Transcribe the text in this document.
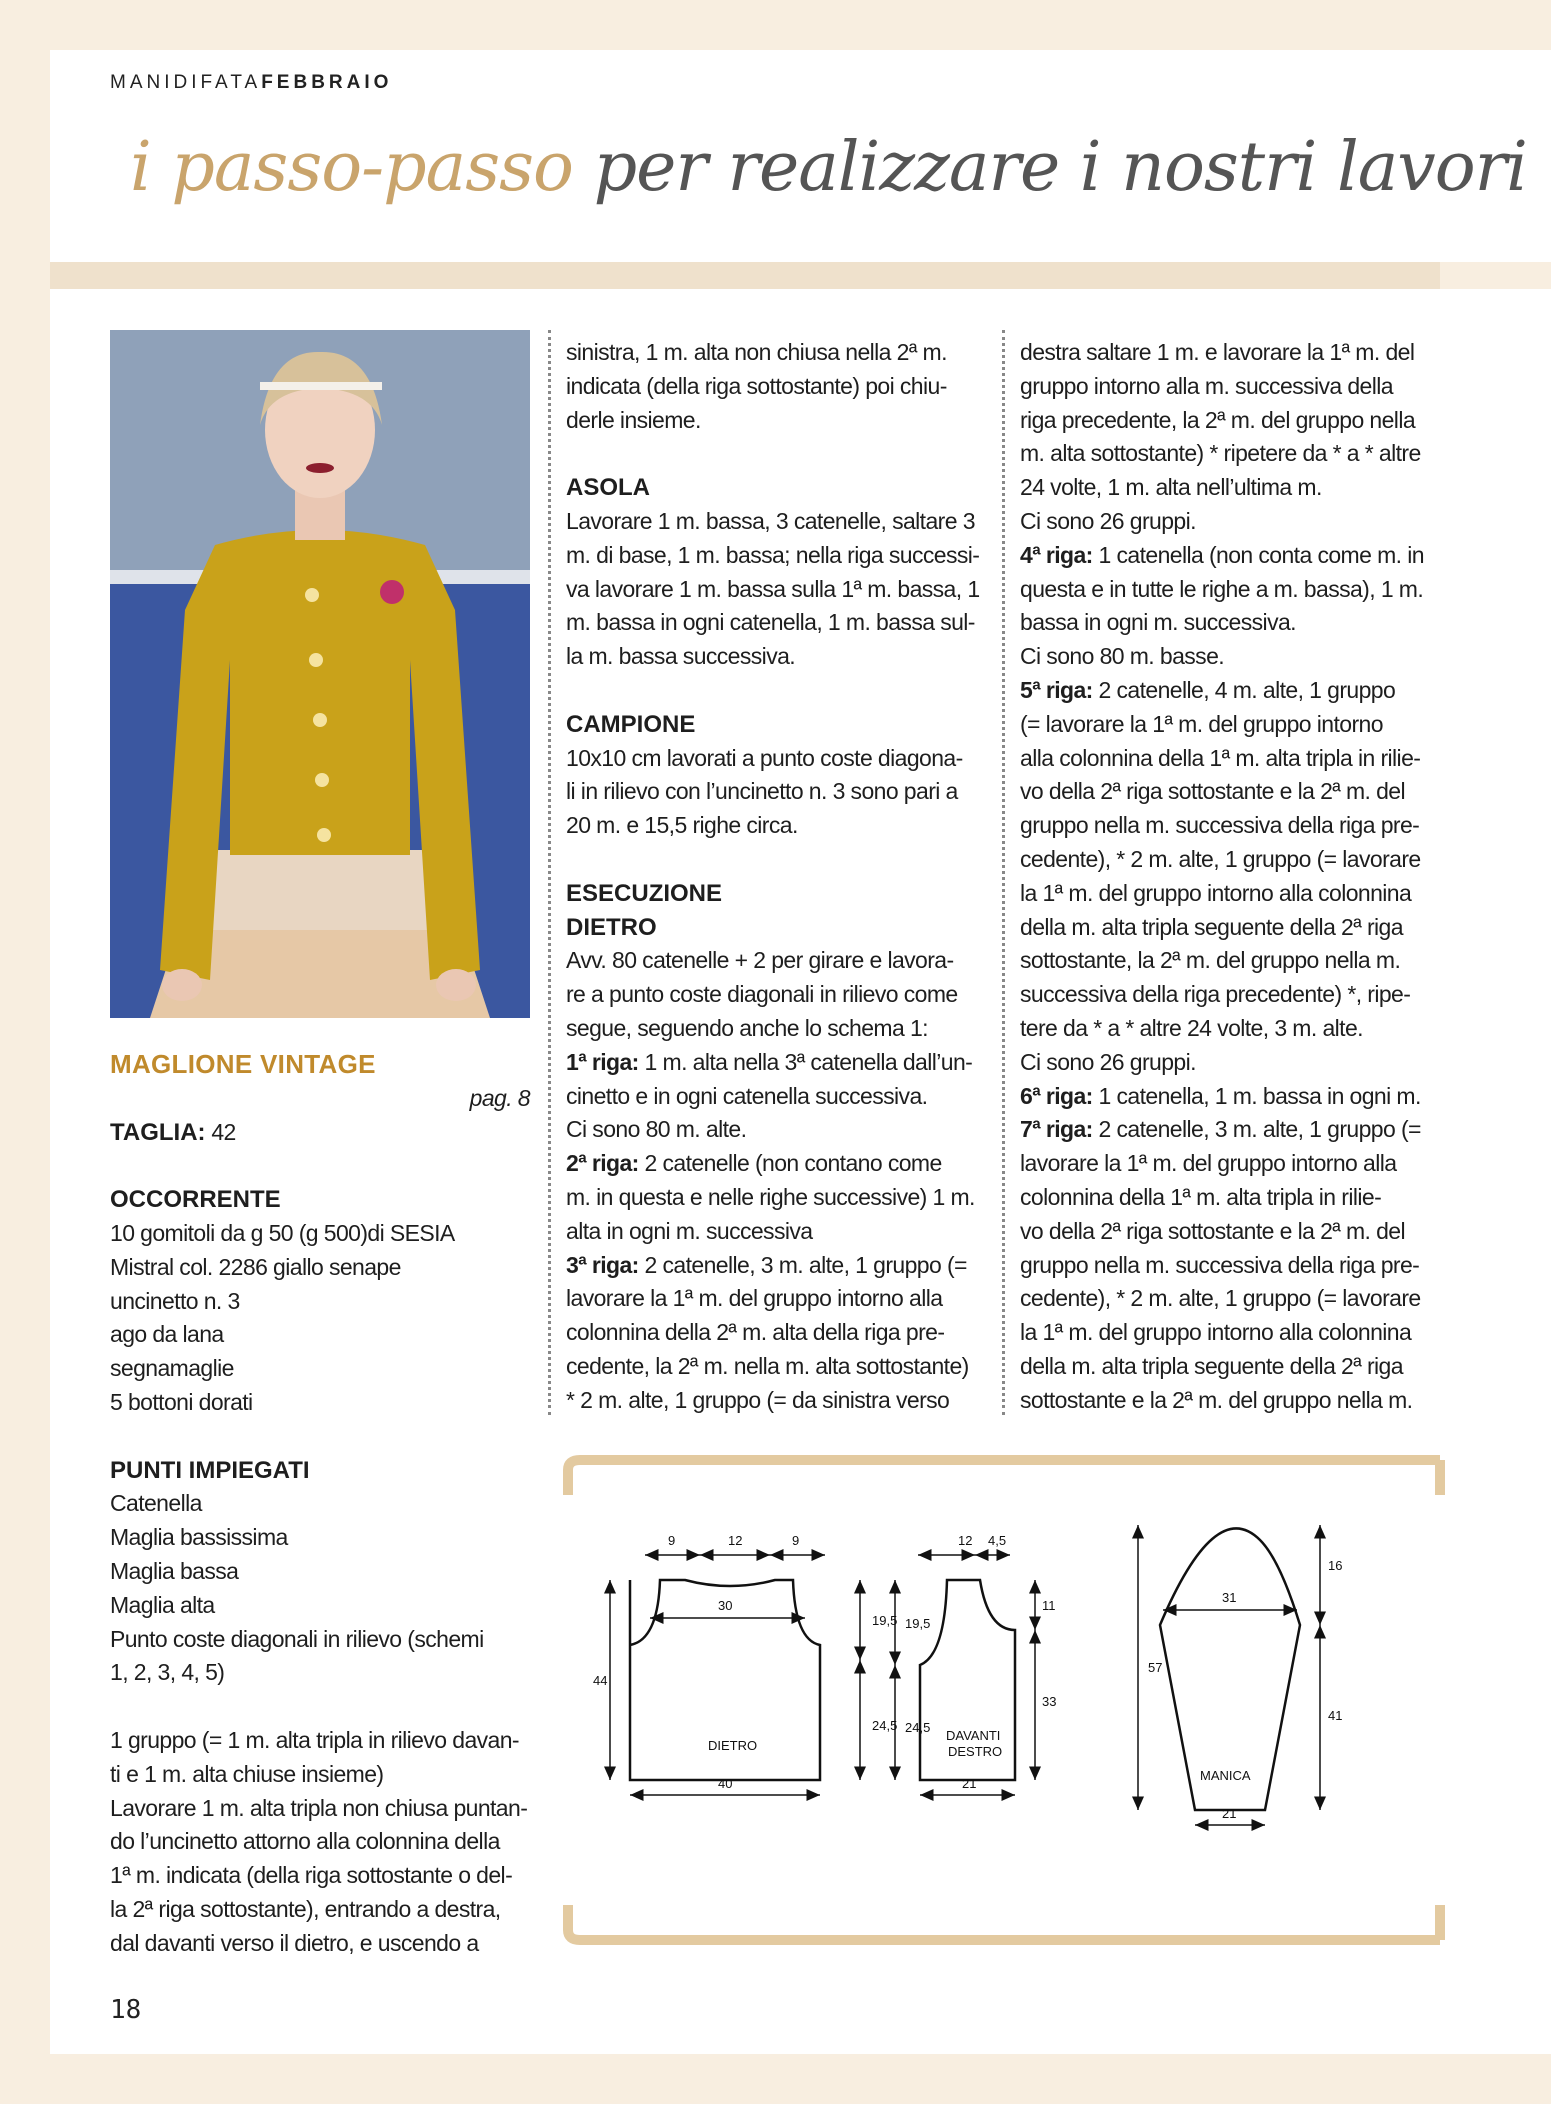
MANIDIFATAFEBBRAIO
i passo-passo per realizzare i nostri lavori

MAGLIONE VINTAGE

pag. 8

TAGLIA: 42

OCCORRENTE

10 gomitoli da g 50 (g 500)di SESIA

Mistral col. 2286 giallo senape

uncinetto n. 3

ago da lana

segnamaglie

5 bottoni dorati

PUNTI IMPIEGATI

Catenella

Maglia bassissima

Maglia bassa

Maglia alta

Punto coste diagonali in rilievo (schemi

1, 2, 3, 4, 5)

1 gruppo (= 1 m. alta tripla in rilievo davan-

ti e 1 m. alta chiuse insieme)

Lavorare 1 m. alta tripla non chiusa puntan-

do l’uncinetto attorno alla colonnina della

1ª m. indicata (della riga sottostante o del-

la 2ª riga sottostante), entrando a destra,

dal davanti verso il dietro, e uscendo a

sinistra, 1 m. alta non chiusa nella 2ª m.

indicata (della riga sottostante) poi chiu-

derle insieme.

ASOLA

Lavorare 1 m. bassa, 3 catenelle, saltare 3

m. di base, 1 m. bassa; nella riga successi-

va lavorare 1 m. bassa sulla 1ª m. bassa, 1

m. bassa in ogni catenella, 1 m. bassa sul-

la m. bassa successiva.

CAMPIONE

10x10 cm lavorati a punto coste diagona-

li in rilievo con l’uncinetto n. 3 sono pari a

20 m. e 15,5 righe circa.

ESECUZIONE

DIETRO

Avv. 80 catenelle + 2 per girare e lavora-

re a punto coste diagonali in rilievo come

segue, seguendo anche lo schema 1:

1ª riga: 1 m. alta nella 3ª catenella dall’un-

cinetto e in ogni catenella successiva.

Ci sono 80 m. alte.

2ª riga: 2 catenelle (non contano come

m. in questa e nelle righe successive) 1 m.

alta in ogni m. successiva

3ª riga: 2 catenelle, 3 m. alte, 1 gruppo (=

lavorare la 1ª m. del gruppo intorno alla

colonnina della 2ª m. alta della riga pre-

cedente, la 2ª m. nella m. alta sottostante)

* 2 m. alte, 1 gruppo (= da sinistra verso

destra saltare 1 m. e lavorare la 1ª m. del

gruppo intorno alla m. successiva della

riga precedente, la 2ª m. del gruppo nella

m. alta sottostante) * ripetere da * a * altre

24 volte, 1 m. alta nell’ultima m.

Ci sono 26 gruppi.

4ª riga: 1 catenella (non conta come m. in

questa e in tutte le righe a m. bassa), 1 m.

bassa in ogni m. successiva.

Ci sono 80 m. basse.

5ª riga: 2 catenelle, 4 m. alte, 1 gruppo

(= lavorare la 1ª m. del gruppo intorno

alla colonnina della 1ª m. alta tripla in rilie-

vo della 2ª riga sottostante e la 2ª m. del

gruppo nella m. successiva della riga pre-

cedente), * 2 m. alte, 1 gruppo (= lavorare

la 1ª m. del gruppo intorno alla colonnina

della m. alta tripla seguente della 2ª riga

sottostante, la 2ª m. del gruppo nella m.

successiva della riga precedente) *, ripe-

tere da * a * altre 24 volte, 3 m. alte.

Ci sono 26 gruppi.

6ª riga: 1 catenella, 1 m. bassa in ogni m.

7ª riga: 2 catenelle, 3 m. alte, 1 gruppo (=

lavorare la 1ª m. del gruppo intorno alla

colonnina della 1ª m. alta tripla in rilie-

vo della 2ª riga sottostante e la 2ª m. del

gruppo nella m. successiva della riga pre-

cedente), * 2 m. alte, 1 gruppo (= lavorare

la 1ª m. del gruppo intorno alla colonnina

della m. alta tripla seguente della 2ª riga

sottostante e la 2ª m. del gruppo nella m.

9	12	9
30
44
19,5
24,5
DIETRO
40
12 4,5
19,5
24,5
11
33
DAVANTI
DESTRO
21
57
31
16
41
MANICA
21
18
